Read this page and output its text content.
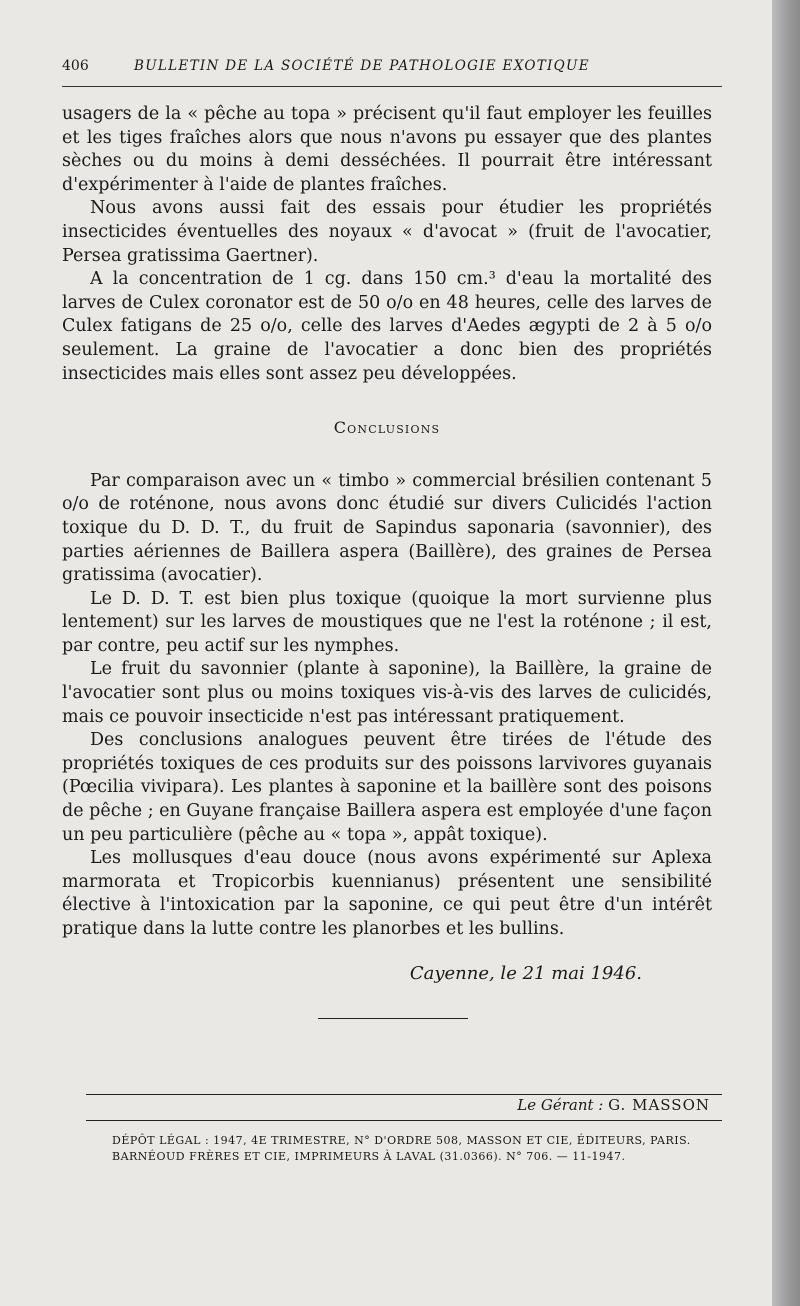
406	BULLETIN DE LA SOCIÉTÉ DE PATHOLOGIE EXOTIQUE

usagers de la « pêche au topa » précisent qu'il faut employer les feuilles et les tiges fraîches alors que nous n'avons pu essayer que des plantes sèches ou du moins à demi desséchées. Il pourrait être intéressant d'expérimenter à l'aide de plantes fraîches.

Nous avons aussi fait des essais pour étudier les propriétés insecticides éventuelles des noyaux « d'avocat » (fruit de l'avocatier, Persea gratissima Gaertner).

A la concentration de 1 cg. dans 150 cm.³ d'eau la mortalité des larves de Culex coronator est de 50 o/o en 48 heures, celle des larves de Culex fatigans de 25 o/o, celle des larves d'Aedes ægypti de 2 à 5 o/o seulement. La graine de l'avocatier a donc bien des propriétés insecticides mais elles sont assez peu développées.

Conclusions

Par comparaison avec un « timbo » commercial brésilien contenant 5 o/o de roténone, nous avons donc étudié sur divers Culicidés l'action toxique du D. D. T., du fruit de Sapindus saponaria (savonnier), des parties aériennes de Baillera aspera (Baillère), des graines de Persea gratissima (avocatier).

Le D. D. T. est bien plus toxique (quoique la mort survienne plus lentement) sur les larves de moustiques que ne l'est la roténone ; il est, par contre, peu actif sur les nymphes.

Le fruit du savonnier (plante à saponine), la Baillère, la graine de l'avocatier sont plus ou moins toxiques vis-à-vis des larves de culicidés, mais ce pouvoir insecticide n'est pas intéressant pratiquement.

Des conclusions analogues peuvent être tirées de l'étude des propriétés toxiques de ces produits sur des poissons larvivores guyanais (Pœcilia vivipara). Les plantes à saponine et la baillère sont des poisons de pêche ; en Guyane française Baillera aspera est employée d'une façon un peu particulière (pêche au « topa », appât toxique).

Les mollusques d'eau douce (nous avons expérimenté sur Aplexa marmorata et Tropicorbis kuennianus) présentent une sensibilité élective à l'intoxication par la saponine, ce qui peut être d'un intérêt pratique dans la lutte contre les planorbes et les bullins.

Cayenne, le 21 mai 1946.

Le Gérant : G. MASSON
DÉPÔT LÉGAL : 1947, 4E TRIMESTRE, N° D'ORDRE 508, MASSON ET CIE, ÉDITEURS, PARIS.
BARNÉOUD FRÈRES ET CIE, IMPRIMEURS À LAVAL (31.0366). N° 706. — 11-1947.
